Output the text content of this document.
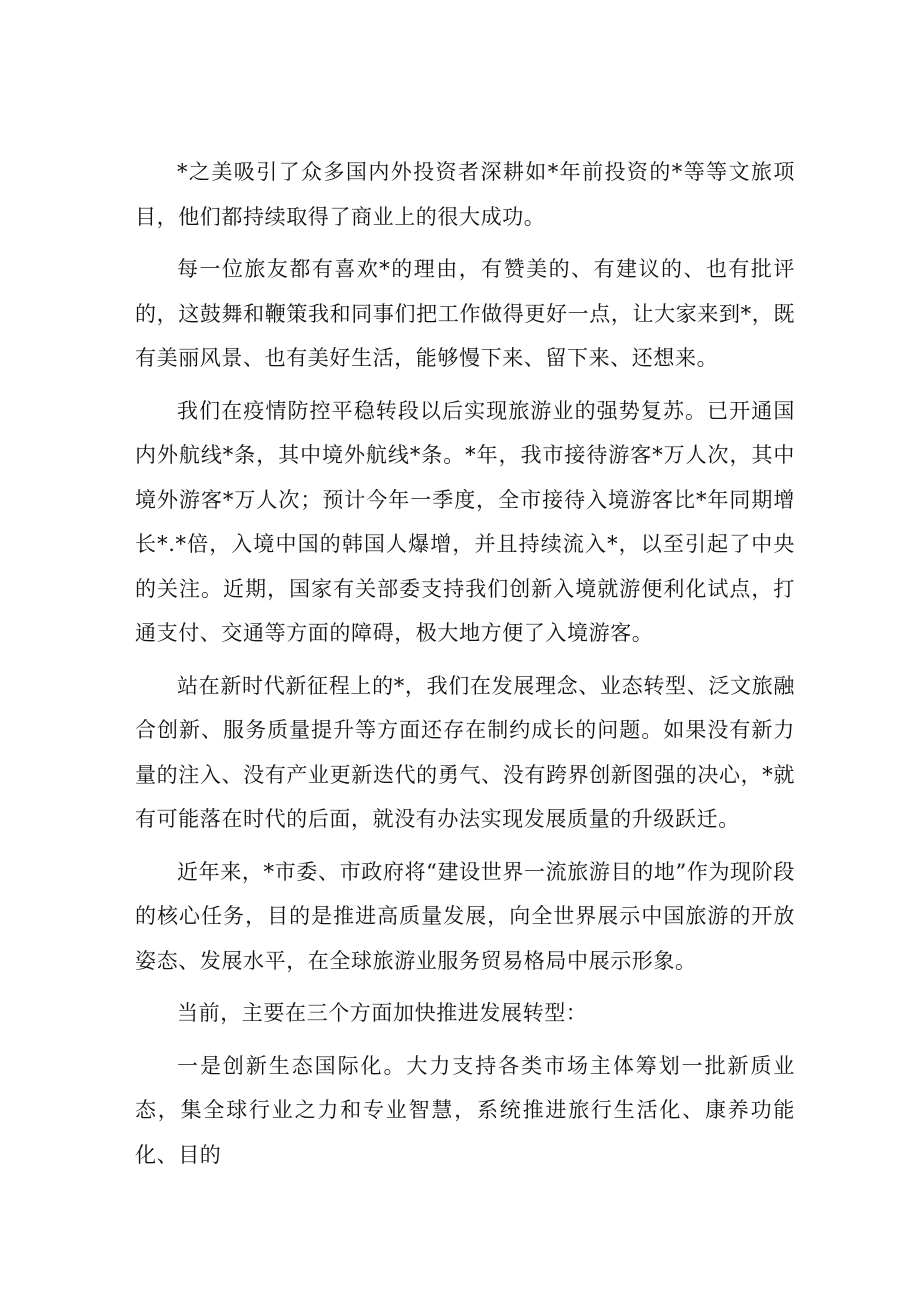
*之美吸引了众多国内外投资者深耕如*年前投资的*等等文旅项目，他们都持续取得了商业上的很大成功。

每一位旅友都有喜欢*的理由，有赞美的、有建议的、也有批评的，这鼓舞和鞭策我和同事们把工作做得更好一点，让大家来到*，既有美丽风景、也有美好生活，能够慢下来、留下来、还想来。

我们在疫情防控平稳转段以后实现旅游业的强势复苏。已开通国内外航线*条，其中境外航线*条。*年，我市接待游客*万人次，其中境外游客*万人次；预计今年一季度，全市接待入境游客比*年同期增长*.*倍，入境中国的韩国人爆增，并且持续流入*，以至引起了中央的关注。近期，国家有关部委支持我们创新入境就游便利化试点，打通支付、交通等方面的障碍，极大地方便了入境游客。

站在新时代新征程上的*，我们在发展理念、业态转型、泛文旅融合创新、服务质量提升等方面还存在制约成长的问题。如果没有新力量的注入、没有产业更新迭代的勇气、没有跨界创新图强的决心，*就有可能落在时代的后面，就没有办法实现发展质量的升级跃迁。

近年来，*市委、市政府将“建设世界一流旅游目的地”作为现阶段的核心任务，目的是推进高质量发展，向全世界展示中国旅游的开放姿态、发展水平，在全球旅游业服务贸易格局中展示形象。

当前，主要在三个方面加快推进发展转型：

一是创新生态国际化。大力支持各类市场主体筹划一批新质业态，集全球行业之力和专业智慧，系统推进旅行生活化、康养功能化、目的
